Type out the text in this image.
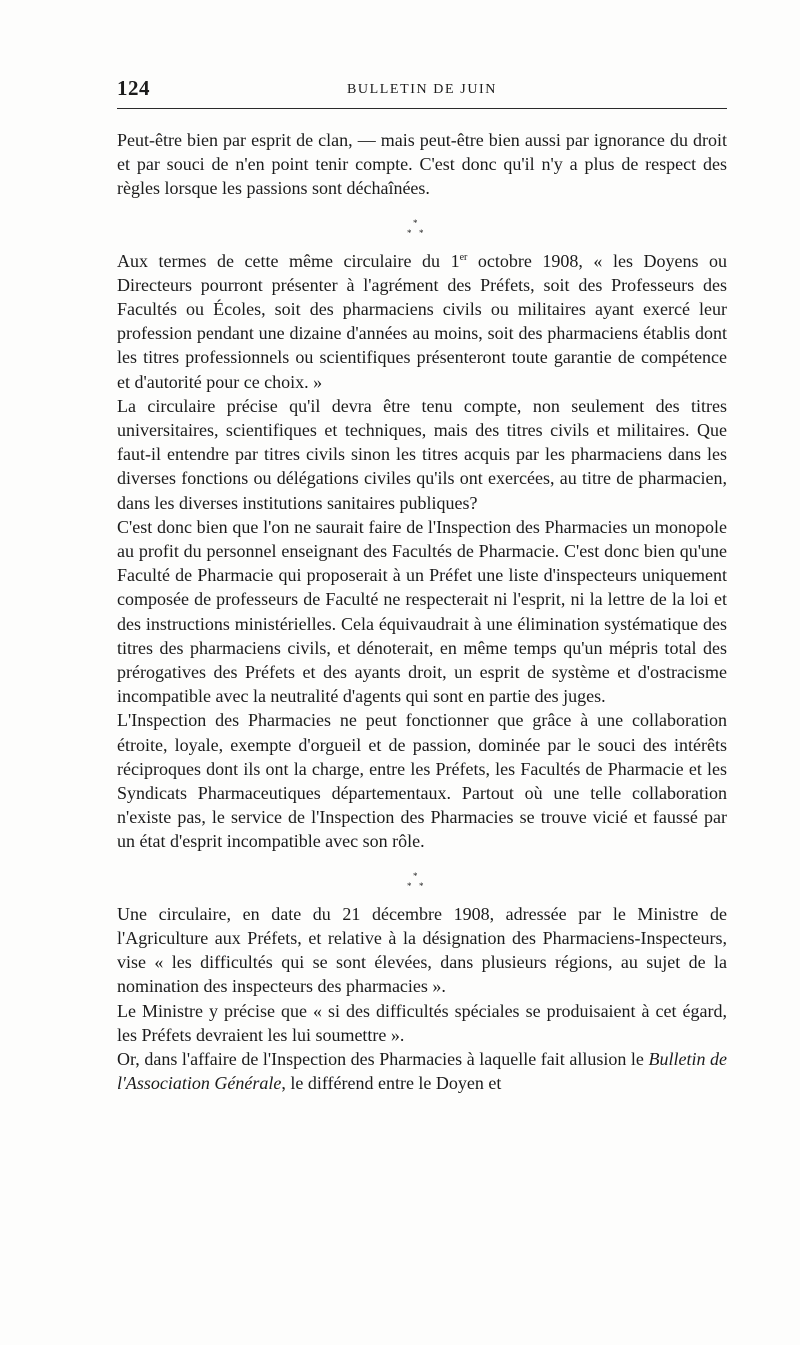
124	BULLETIN DE JUIN

Peut-être bien par esprit de clan, — mais peut-être bien aussi par ignorance du droit et par souci de n'en point tenir compte. C'est donc qu'il n'y a plus de respect des règles lorsque les passions sont déchaînées.

*
* *

Aux termes de cette même circulaire du 1er octobre 1908, « les Doyens ou Directeurs pourront présenter à l'agrément des Préfets, soit des Professeurs des Facultés ou Écoles, soit des pharmaciens civils ou militaires ayant exercé leur profession pendant une dizaine d'années au moins, soit des pharmaciens établis dont les titres professionnels ou scientifiques présenteront toute garantie de compétence et d'autorité pour ce choix. »

La circulaire précise qu'il devra être tenu compte, non seulement des titres universitaires, scientifiques et techniques, mais des titres civils et militaires. Que faut-il entendre par titres civils sinon les titres acquis par les pharmaciens dans les diverses fonctions ou délégations civiles qu'ils ont exercées, au titre de pharmacien, dans les diverses institutions sanitaires publiques?

C'est donc bien que l'on ne saurait faire de l'Inspection des Pharmacies un monopole au profit du personnel enseignant des Facultés de Pharmacie. C'est donc bien qu'une Faculté de Pharmacie qui proposerait à un Préfet une liste d'inspecteurs uniquement composée de professeurs de Faculté ne respecterait ni l'esprit, ni la lettre de la loi et des instructions ministérielles. Cela équivaudrait à une élimination systématique des titres des pharmaciens civils, et dénoterait, en même temps qu'un mépris total des prérogatives des Préfets et des ayants droit, un esprit de système et d'ostracisme incompatible avec la neutralité d'agents qui sont en partie des juges.

L'Inspection des Pharmacies ne peut fonctionner que grâce à une collaboration étroite, loyale, exempte d'orgueil et de passion, dominée par le souci des intérêts réciproques dont ils ont la charge, entre les Préfets, les Facultés de Pharmacie et les Syndicats Pharmaceutiques départementaux. Partout où une telle collaboration n'existe pas, le service de l'Inspection des Pharmacies se trouve vicié et faussé par un état d'esprit incompatible avec son rôle.

*
* *

Une circulaire, en date du 21 décembre 1908, adressée par le Ministre de l'Agriculture aux Préfets, et relative à la désignation des Pharmaciens-Inspecteurs, vise « les difficultés qui se sont élevées, dans plusieurs régions, au sujet de la nomination des inspecteurs des pharmacies ».

Le Ministre y précise que « si des difficultés spéciales se produisaient à cet égard, les Préfets devraient les lui soumettre ».

Or, dans l'affaire de l'Inspection des Pharmacies à laquelle fait allusion le Bulletin de l'Association Générale, le différend entre le Doyen et
